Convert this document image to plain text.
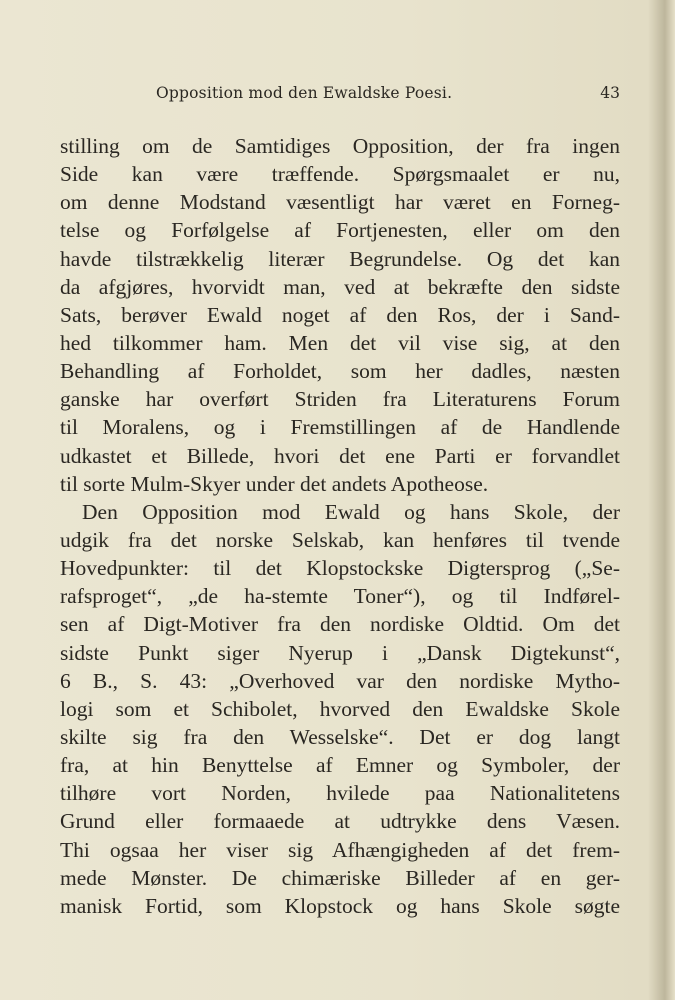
Opposition mod den Ewaldske Poesi.	43
stilling om de Samtidiges Opposition, der fra ingen
Side kan være træffende. Spørgsmaalet er nu,
om denne Modstand væsentligt har været en Forneg-
telse og Forfølgelse af Fortjenesten, eller om den
havde tilstrækkelig literær Begrundelse. Og det kan
da afgjøres, hvorvidt man, ved at bekræfte den sidste
Sats, berøver Ewald noget af den Ros, der i Sand-
hed tilkommer ham. Men det vil vise sig, at den
Behandling af Forholdet, som her dadles, næsten
ganske har overført Striden fra Literaturens Forum
til Moralens, og i Fremstillingen af de Handlende
udkastet et Billede, hvori det ene Parti er forvandlet
til sorte Mulm-Skyer under det andets Apotheose.
Den Opposition mod Ewald og hans Skole, der
udgik fra det norske Selskab, kan henføres til tvende
Hovedpunkter: til det Klopstockske Digtersprog („Se-
rafsproget“, „de ha-stemte Toner“), og til Indførel-
sen af Digt-Motiver fra den nordiske Oldtid. Om det
sidste Punkt siger Nyerup i „Dansk Digtekunst“,
6 B., S. 43: „Overhoved var den nordiske Mytho-
logi som et Schibolet, hvorved den Ewaldske Skole
skilte sig fra den Wesselske“. Det er dog langt
fra, at hin Benyttelse af Emner og Symboler, der
tilhøre vort Norden, hvilede paa Nationalitetens
Grund eller formaaede at udtrykke dens Væsen.
Thi ogsaa her viser sig Afhængigheden af det frem-
mede Mønster. De chimæriske Billeder af en ger-
manisk Fortid, som Klopstock og hans Skole søgte
